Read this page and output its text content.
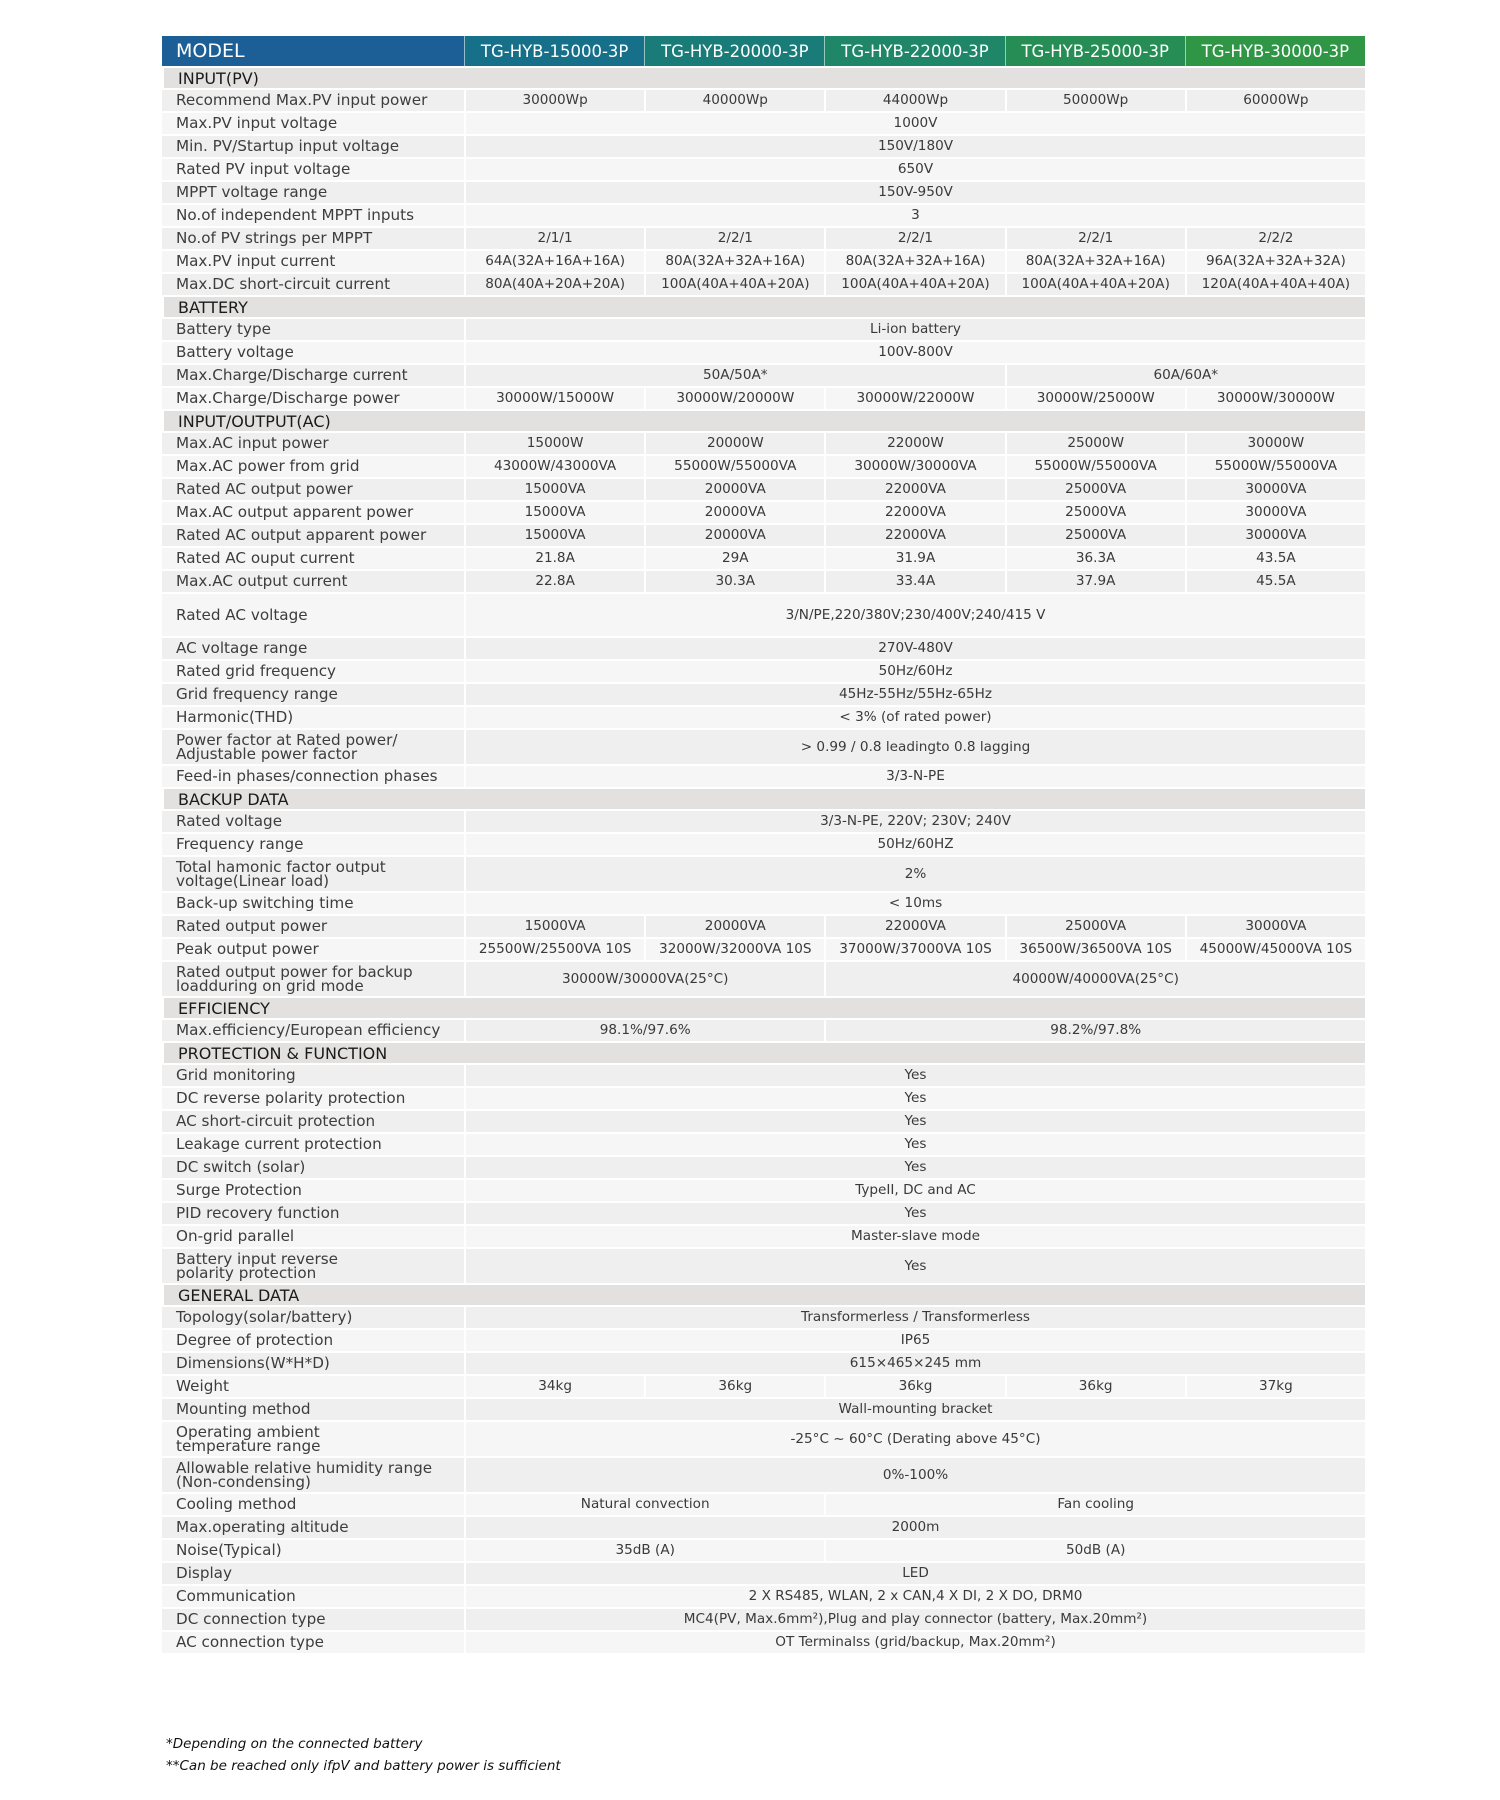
MODEL	TG-HYB-15000-3P	TG-HYB-20000-3P	TG-HYB-22000-3P	TG-HYB-25000-3P	TG-HYB-30000-3P
INPUT(PV)					

Recommend Max.PV input power	30000Wp	40000Wp	44000Wp	50000Wp	60000Wp

Max.PV input voltage	1000V				

Min. PV/Startup input voltage	150V/180V				

Rated PV input voltage	650V				

MPPT voltage range	150V-950V				

No.of independent MPPT inputs	3				

No.of PV strings per MPPT	2/1/1	2/2/1	2/2/1	2/2/1	2/2/2

Max.PV input current	64A(32A+16A+16A)	80A(32A+32A+16A)	80A(32A+32A+16A)	80A(32A+32A+16A)	96A(32A+32A+32A)

Max.DC short-circuit current	80A(40A+20A+20A)	100A(40A+40A+20A)	100A(40A+40A+20A)	100A(40A+40A+20A)	120A(40A+40A+40A)
BATTERY					

Battery type	Li-ion battery				

Battery voltage	100V-800V				

Max.Charge/Discharge current	50A/50A*			60A/60A*	

Max.Charge/Discharge power	30000W/15000W	30000W/20000W	30000W/22000W	30000W/25000W	30000W/30000W
INPUT/OUTPUT(AC)					

Max.AC input power	15000W	20000W	22000W	25000W	30000W

Max.AC power from grid	43000W/43000VA	55000W/55000VA	30000W/30000VA	55000W/55000VA	55000W/55000VA

Rated AC output power	15000VA	20000VA	22000VA	25000VA	30000VA

Max.AC output apparent power	15000VA	20000VA	22000VA	25000VA	30000VA

Rated AC output apparent power	15000VA	20000VA	22000VA	25000VA	30000VA

Rated AC ouput current	21.8A	29A	31.9A	36.3A	43.5A

Max.AC output current	22.8A	30.3A	33.4A	37.9A	45.5A

Rated AC voltage	3/N/PE,220/380V;230/400V;240/415 V				

AC voltage range	270V-480V				

Rated grid frequency	50Hz/60Hz				

Grid frequency range	45Hz-55Hz/55Hz-65Hz				

Harmonic(THD)	< 3% (of rated power)				

Power factor at Rated power/
Adjustable power factor	> 0.99 / 0.8 leadingto 0.8 lagging				

Feed-in phases/connection phases	3/3-N-PE				
BACKUP DATA					

Rated voltage	3/3-N-PE, 220V; 230V; 240V				

Frequency range	50Hz/60HZ				

Total hamonic factor output
voltage(Linear load)	2%				

Back-up switching time	< 10ms				

Rated output power	15000VA	20000VA	22000VA	25000VA	30000VA

Peak output power	25500W/25500VA 10S	32000W/32000VA 10S	37000W/37000VA 10S	36500W/36500VA 10S	45000W/45000VA 10S

Rated output power for backup
loadduring on grid mode	30000W/30000VA(25°C)		40000W/40000VA(25°C)		
EFFICIENCY					

Max.efficiency/European efficiency	98.1%/97.6%		98.2%/97.8%		
PROTECTION & FUNCTION					

Grid monitoring	Yes				

DC reverse polarity protection	Yes				

AC short-circuit protection	Yes				

Leakage current protection	Yes				

DC switch (solar)	Yes				

Surge Protection	TypeII, DC and AC				

PID recovery function	Yes				

On-grid parallel	Master-slave mode				

Battery input reverse
polarity protection	Yes				
GENERAL DATA					

Topology(solar/battery)	Transformerless / Transformerless				

Degree of protection	IP65				

Dimensions(W*H*D)	615×465×245 mm				

Weight	34kg	36kg	36kg	36kg	37kg

Mounting method	Wall-mounting bracket				

Operating ambient
temperature range	-25°C ~ 60°C (Derating above 45°C)				

Allowable relative humidity range
(Non-condensing)	0%-100%				

Cooling method	Natural convection		Fan cooling		

Max.operating altitude	2000m				

Noise(Typical)	35dB (A)		50dB (A)		

Display	LED				

Communication	2 X RS485, WLAN, 2 x CAN,4 X DI, 2 X DO, DRM0				

DC connection type	MC4(PV, Max.6mm²),Plug and play connector (battery, Max.20mm²)				

AC connection type	OT Terminalss (grid/backup, Max.20mm²)				
*Depending on the connected battery
**Can be reached only ifpV and battery power is sufficient
